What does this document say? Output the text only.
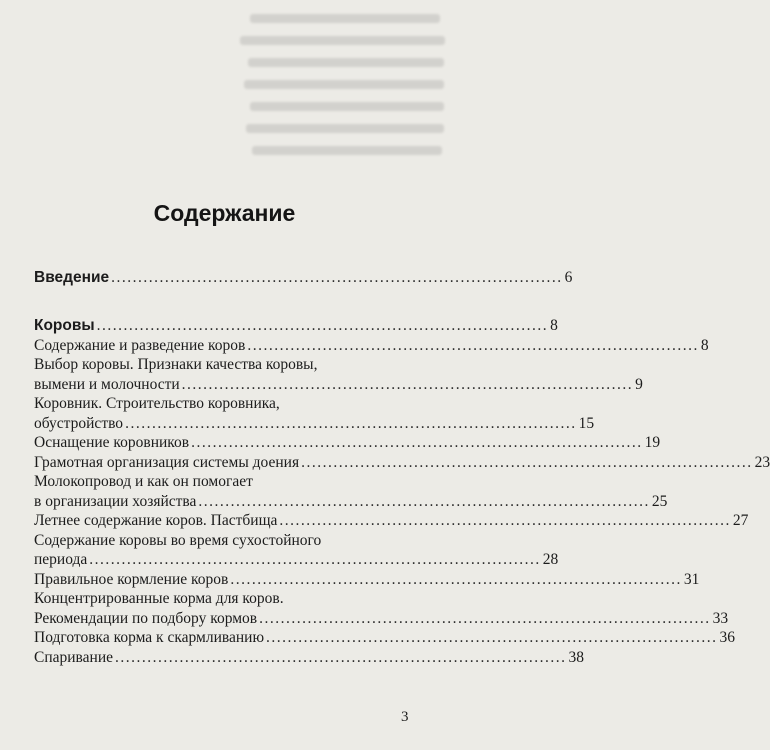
Содержание
Введение .................................................................................... 6
Коровы .................................................................................... 8
Содержание и разведение коров .................................................................................... 8
Выбор коровы. Признаки качества коровы,
вымени и молочности .................................................................................... 9
Коровник. Строительство коровника,
обустройство .................................................................................... 15
Оснащение коровников .................................................................................... 19
Грамотная организация системы доения .................................................................................... 23
Молокопровод и как он помогает
в организации хозяйства .................................................................................... 25
Летнее содержание коров. Пастбища .................................................................................... 27
Содержание коровы во время сухостойного
периода .................................................................................... 28
Правильное кормление коров .................................................................................... 31
Концентрированные корма для коров.
Рекомендации по подбору кормов .................................................................................... 33
Подготовка корма к скармливанию .................................................................................... 36
Спаривание .................................................................................... 38
3
